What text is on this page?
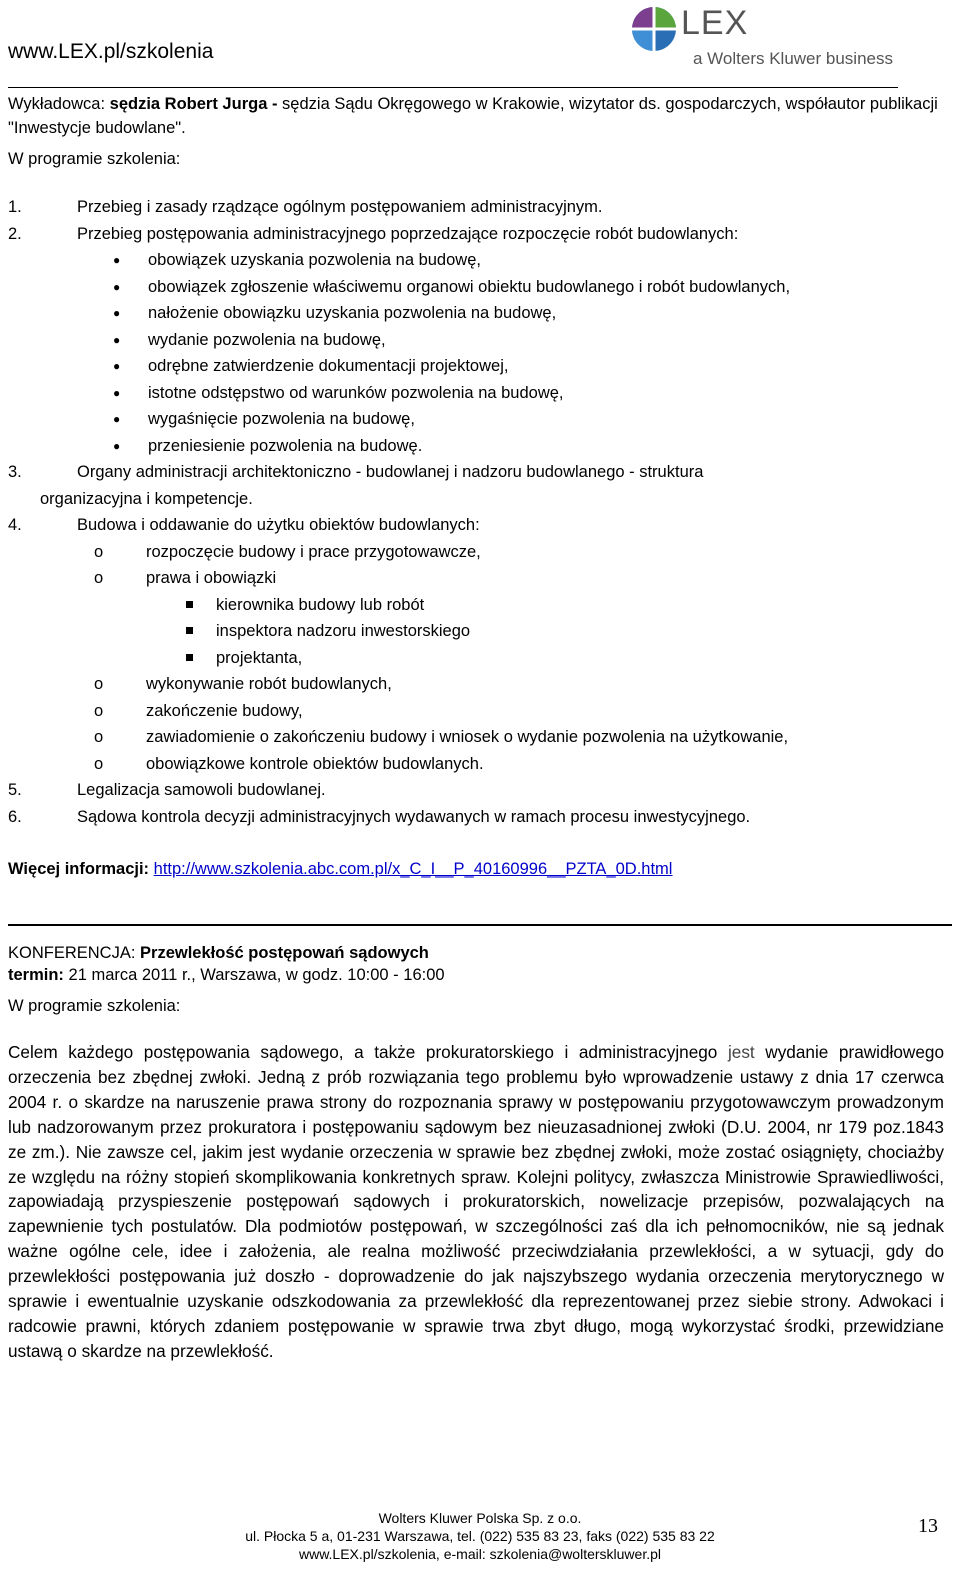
www.LEX.pl/szkolenia
LEX
a Wolters Kluwer business
Wykładowca: sędzia Robert Jurga - sędzia Sądu Okręgowego w Krakowie, wizytator ds. gospodarczych, współautor publikacji "Inwestycje budowlane".
W programie szkolenia:
1.	Przebieg i zasady rządzące ogólnym postępowaniem administracyjnym.
2.	Przebieg postępowania administracyjnego poprzedzające rozpoczęcie robót budowlanych:
● obowiązek uzyskania pozwolenia na budowę,
● obowiązek zgłoszenie właściwemu organowi obiektu budowlanego i robót budowlanych,
● nałożenie obowiązku uzyskania pozwolenia na budowę,
● wydanie pozwolenia na budowę,
● odrębne zatwierdzenie dokumentacji projektowej,
● istotne odstępstwo od warunków pozwolenia na budowę,
● wygaśnięcie pozwolenia na budowę,
● przeniesienie pozwolenia na budowę.
3.	Organy administracji architektoniczno - budowlanej i nadzoru budowlanego - struktura
organizacyjna i kompetencje.
4.	Budowa i oddawanie do użytku obiektów budowlanych:
o	rozpoczęcie budowy i prace przygotowawcze,
o	prawa i obowiązki
kierownika budowy lub robót
inspektora nadzoru inwestorskiego
projektanta,
o	wykonywanie robót budowlanych,
o	zakończenie budowy,
o	zawiadomienie o zakończeniu budowy i wniosek o wydanie pozwolenia na użytkowanie,
o	obowiązkowe kontrole obiektów budowlanych.
5.	Legalizacja samowoli budowlanej.
6.	Sądowa kontrola decyzji administracyjnych wydawanych w ramach procesu inwestycyjnego.
Więcej informacji: http://www.szkolenia.abc.com.pl/x_C_I__P_40160996__PZTA_0D.html
KONFERENCJA: Przewlekłość postępowań sądowych
termin: 21 marca 2011 r., Warszawa, w godz. 10:00 - 16:00
W programie szkolenia:
Celem każdego postępowania sądowego, a także prokuratorskiego i administracyjnego jest wydanie prawidłowego orzeczenia bez zbędnej zwłoki. Jedną z prób rozwiązania tego problemu było wprowadzenie ustawy z dnia 17 czerwca 2004 r. o skardze na naruszenie prawa strony do rozpoznania sprawy w postępowaniu przygotowawczym prowadzonym lub nadzorowanym przez prokuratora i postępowaniu sądowym bez nieuzasadnionej zwłoki (D.U. 2004, nr 179 poz.1843 ze zm.). Nie zawsze cel, jakim jest wydanie orzeczenia w sprawie bez zbędnej zwłoki, może zostać osiągnięty, chociażby ze względu na różny stopień skomplikowania konkretnych spraw. Kolejni politycy, zwłaszcza Ministrowie Sprawiedliwości, zapowiadają przyspieszenie postępowań sądowych i prokuratorskich, nowelizacje przepisów, pozwalających na zapewnienie tych postulatów. Dla podmiotów postępowań, w szczególności zaś dla ich pełnomocników, nie są jednak ważne ogólne cele, idee i założenia, ale realna możliwość przeciwdziałania przewlekłości, a w sytuacji, gdy do przewlekłości postępowania już doszło - doprowadzenie do jak najszybszego wydania orzeczenia merytorycznego w sprawie i ewentualnie uzyskanie odszkodowania za przewlekłość dla reprezentowanej przez siebie strony. Adwokaci i radcowie prawni, których zdaniem postępowanie w sprawie trwa zbyt długo, mogą wykorzystać środki, przewidziane ustawą o skardze na przewlekłość.
Wolters Kluwer Polska Sp. z o.o.
ul. Płocka 5 a, 01-231 Warszawa, tel. (022) 535 83 23, faks (022) 535 83 22
www.LEX.pl/szkolenia, e-mail: szkolenia@wolterskluwer.pl
13
